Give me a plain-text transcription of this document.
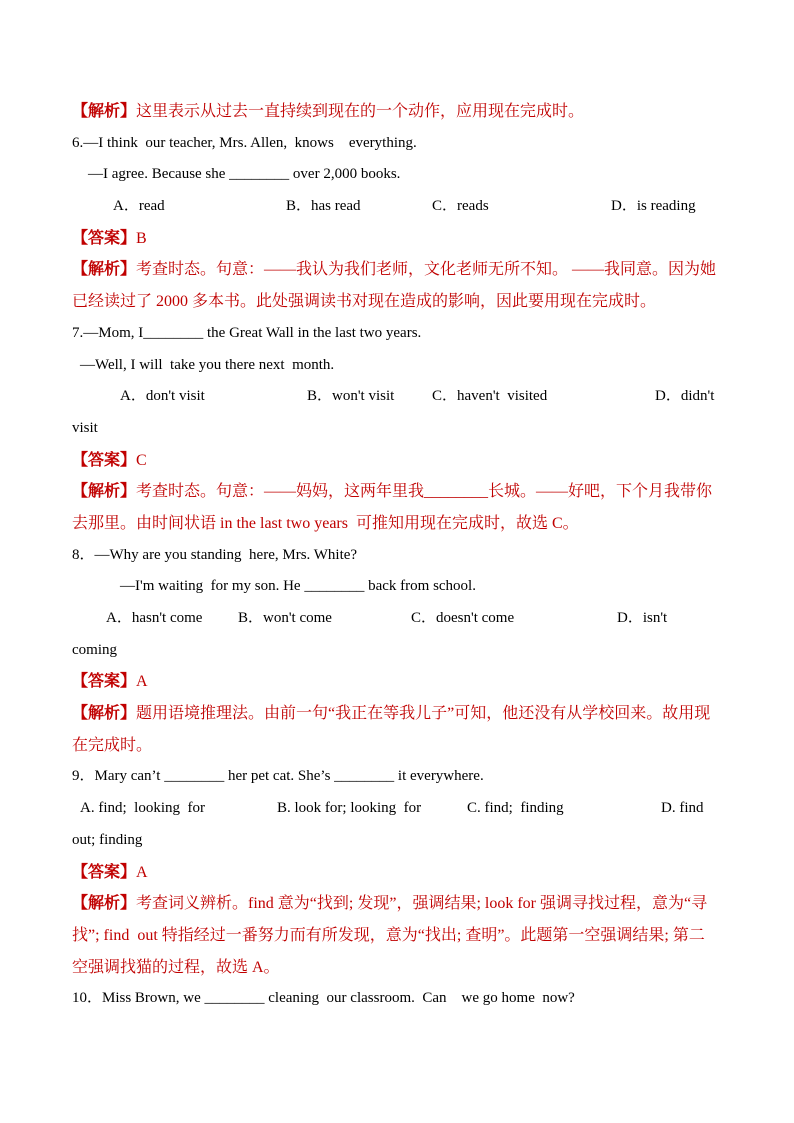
【解析】这里表示从过去一直持续到现在的一个动作，应用现在完成时。

6.—I think  our teacher, Mrs. Allen,  knows    everything.

—I agree. Because she ________ over 2,000 books.

A．read

	B．has read

	C．reads

	D．is reading

【答案】B

【解析】考查时态。句意：——我认为我们老师，文化老师无所不知。 ——我同意。因为她

已经读过了 2000 多本书。此处强调读书对现在造成的影响，因此要用现在完成时。

7.—Mom, I________ the Great Wall in the last two years.

—Well, I will  take you there next  month.

A．don't visit

	B．won't visit

	C．haven't  visited

	D．didn't

visit

【答案】C

【解析】考查时态。句意：——妈妈，这两年里我________长城。——好吧，下个月我带你

去那里。由时间状语 in the last two years  可推知用现在完成时，故选 C。

8．—Why are you standing  here, Mrs. White?

—I'm waiting  for my son. He ________ back from school.

A．hasn't come

B．won't come

	C．doesn't come

	D．isn't

coming

【答案】A

【解析】题用语境推理法。由前一句“我正在等我儿子”可知，他还没有从学校回来。故用现

在完成时。

9．Mary can’t ________ her pet cat. She’s ________ it everywhere.

A. find;  looking  for

	B. look for; looking  for

	C. find;  finding

	D. find

out; finding

【答案】A

【解析】考查词义辨析。find 意为“找到; 发现”，强调结果; look for 强调寻找过程，意为“寻

找”; find  out 特指经过一番努力而有所发现，意为“找出; 查明”。此题第一空强调结果; 第二

空强调找猫的过程，故选 A。

10．Miss Brown, we ________ cleaning  our classroom.  Can    we go home  now?
